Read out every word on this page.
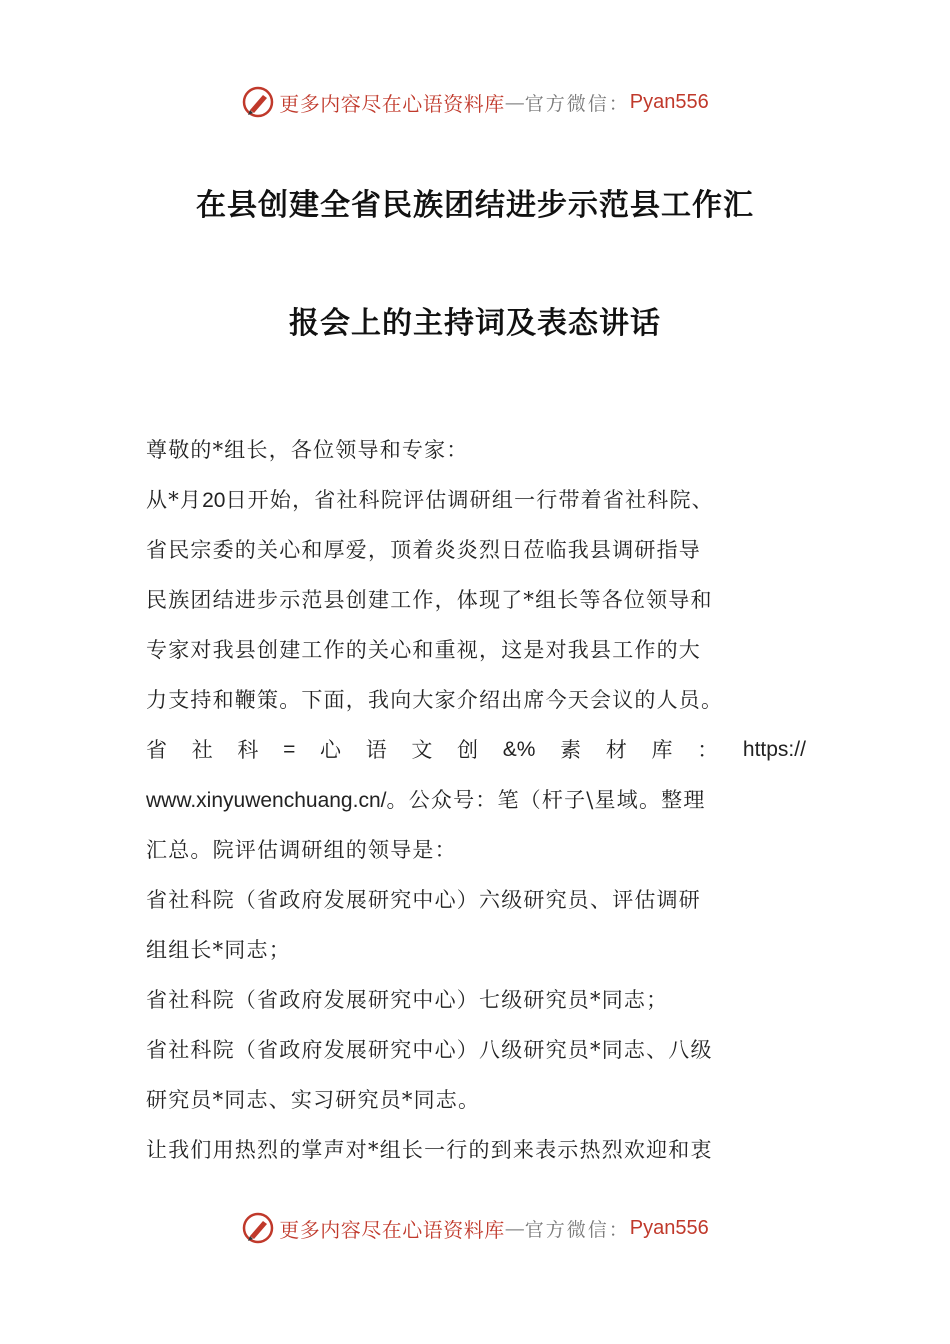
更多内容尽在心语资料库 — 官方微信： Pyan556
在县创建全省民族团结进步示范县工作汇
报会上的主持词及表态讲话
尊敬的*组长，各位领导和专家：
从*月20日开始，省社科院评估调研组一行带着省社科院、
省民宗委的关心和厚爱，顶着炎炎烈日莅临我县调研指导
民族团结进步示范县创建工作，体现了*组长等各位领导和
专家对我县创建工作的关心和重视，这是对我县工作的大
力支持和鞭策。下面，我向大家介绍出席今天会议的人员。
省 社 科 = 心 语 文 创 &% 素 材 库 ： https://
www.xinyuwenchuang.cn/。公众号：笔（杆子\星域。整理
汇总。院评估调研组的领导是：
省社科院（省政府发展研究中心）六级研究员、评估调研
组组长*同志；
省社科院（省政府发展研究中心）七级研究员*同志；
省社科院（省政府发展研究中心）八级研究员*同志、八级
研究员*同志、实习研究员*同志。
让我们用热烈的掌声对*组长一行的到来表示热烈欢迎和衷
更多内容尽在心语资料库 — 官方微信： Pyan556
